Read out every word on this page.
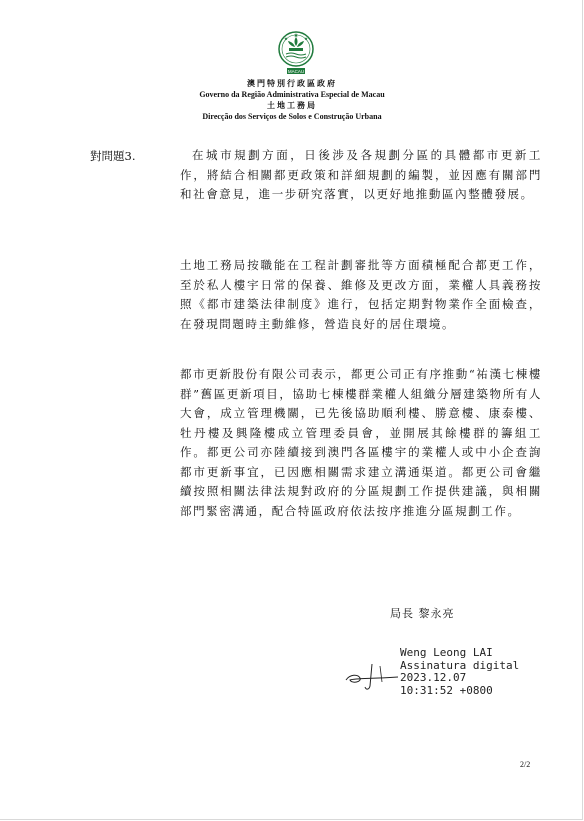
MACAU
澳門特別行政區政府
Governo da Região Administrativa Especial de Macau
土地工務局
Direcção dos Serviços de Solos e Construção Urbana
對問題3.	在城市規劃方面，日後涉及各規劃分區的具體都市更新工作，將結合相關都更政策和詳細規劃的編製，並因應有關部門和社會意見，進一步研究落實，以更好地推動區內整體發展。

土地工務局按職能在工程計劃審批等方面積極配合都更工作，至於私人樓宇日常的保養、維修及更改方面，業權人具義務按照《都市建築法律制度》進行，包括定期對物業作全面檢查，在發現問題時主動維修，營造良好的居住環境。

都市更新股份有限公司表示，都更公司正有序推動“祐漢七棟樓群”舊區更新項目，協助七棟樓群業權人組織分層建築物所有人大會，成立管理機關，已先後協助順利樓、勝意樓、康泰樓、牡丹樓及興隆樓成立管理委員會，並開展其餘樓群的籌組工作。都更公司亦陸續接到澳門各區樓宇的業權人或中小企查詢都市更新事宜，已因應相關需求建立溝通渠道。都更公司會繼續按照相關法律法規對政府的分區規劃工作提供建議，與相關部門緊密溝通，配合特區政府依法按序推進分區規劃工作。

局長 黎永亮
Weng Leong LAI
Assinatura digital
2023.12.07
10:31:52 +0800
2/2
